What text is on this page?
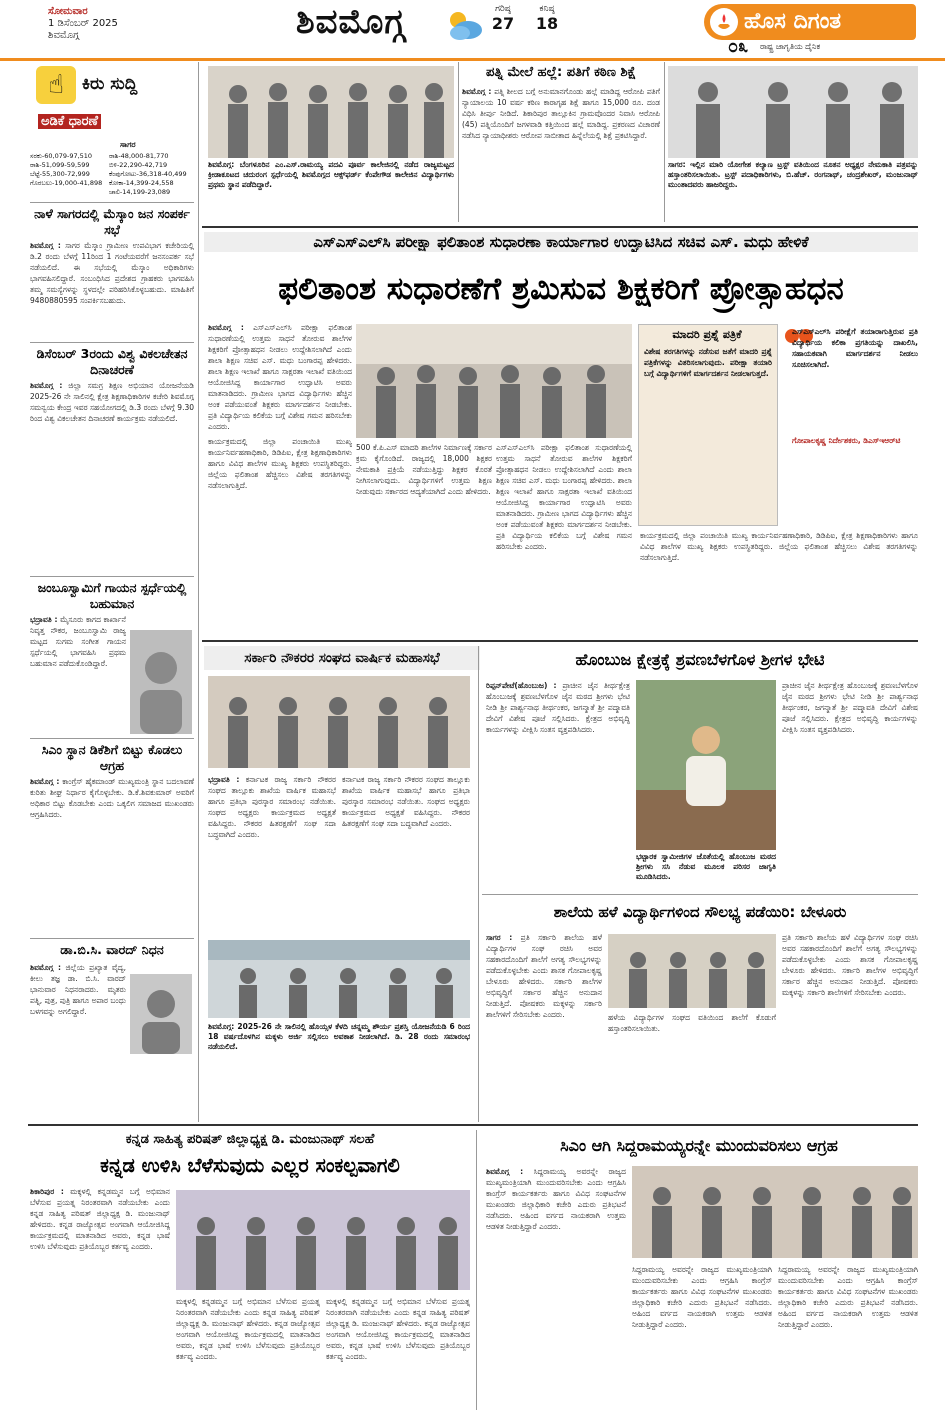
ಸೋಮವಾರ
1 ಡಿಸೆಂಬರ್ 2025
ಶಿವಮೊಗ್ಗ	ಶಿವಮೊಗ್ಗ	ಗರಿಷ್ಠ
27
ಕನಿಷ್ಠ
18	ಹೊಸ ದಿಗಂತ
೦೩ ರಾಷ್ಟ್ರ ಜಾಗೃತಿಯ ದೈನಿಕ
☝	ಕಿರು ಸುದ್ದಿ
ಅಡಿಕೆ ಧಾರಣೆ
ಸಾಗರ
ಸರಕು-60,079-97,510	ರಾಶಿ-48,000-81,770
ರಾಶಿ-51,099-59,599	ಬಿಳಿ-22,290-42,719
ಬೆಟ್ಟೆ-55,300-72,999	ಕೆಂಪುಗೋಟು-36,318-40,499
ಗೊರಬಲು-19,000-41,898	ಕೋಕಾ-14,399-24,558
	ಚಾಲಿ-14,199-23,089
ನಾಳೆ ಸಾಗರದಲ್ಲಿ ಮೆಸ್ಕಾಂ ಜನ ಸಂಪರ್ಕ ಸಭೆ
ಶಿವಮೊಗ್ಗ : ಸಾಗರ ಮೆಸ್ಕಾಂ ಗ್ರಾಮೀಣ ಉಪವಿಭಾಗ ಕಚೇರಿಯಲ್ಲಿ ಡಿ.2 ರಂದು ಬೆಳಗ್ಗೆ 11ರಿಂದ 1 ಗಂಟೆಯವರೆಗೆ ಜನಸಂಪರ್ಕ ಸಭೆ ನಡೆಯಲಿದೆ. ಈ ಸಭೆಯಲ್ಲಿ ಮೆಸ್ಕಾಂ ಅಧಿಕಾರಿಗಳು ಭಾಗವಹಿಸಲಿದ್ದಾರೆ. ಸಂಬಂಧಿಸಿದ ಪ್ರದೇಶದ ಗ್ರಾಹಕರು ಭಾಗವಹಿಸಿ ತಮ್ಮ ಸಮಸ್ಯೆಗಳನ್ನು ಸ್ಥಳದಲ್ಲೇ ಪರಿಹರಿಸಿಕೊಳ್ಳಬಹುದು. ಮಾಹಿತಿಗೆ 9480880595 ಸಂಪರ್ಕಿಸಬಹುದು.
ಡಿಸೆಂಬರ್ 3ರಂದು ವಿಶ್ವ ವಿಕಲಚೇತನ ದಿನಾಚರಣೆ
ಶಿವಮೊಗ್ಗ : ಜಿಲ್ಲಾ ಸಮಗ್ರ ಶಿಕ್ಷಣ ಅಭಿಯಾನ ಯೋಜನೆಯಡಿ 2025-26 ನೇ ಸಾಲಿನಲ್ಲಿ ಕ್ಷೇತ್ರ ಶಿಕ್ಷಣಾಧಿಕಾರಿಗಳ ಕಚೇರಿ ಶಿವಮೊಗ್ಗ ಸಮನ್ವಯ ಕೇಂದ್ರ ಇವರ ಸಹಯೋಗದಲ್ಲಿ ಡಿ.3 ರಂದು ಬೆಳಗ್ಗೆ 9.30 ರಿಂದ ವಿಶ್ವ ವಿಕಲಚೇತನ ದಿನಾಚರಣೆ ಕಾರ್ಯಕ್ರಮ ನಡೆಯಲಿದೆ.
ಜಂಬೂಸ್ವಾಮಿಗೆ ಗಾಯನ ಸ್ಪರ್ಧೆಯಲ್ಲಿ ಬಹುಮಾನ
ಭದ್ರಾವತಿ : ಮೈಸೂರು ಕಾಗದ ಕಾರ್ಖಾನೆ ನಿವೃತ್ತ ನೌಕರ, ಜಂಬೂಸ್ವಾಮಿ ರಾಜ್ಯ ಮಟ್ಟದ ಸುಗಮ ಸಂಗೀತ ಗಾಯನ ಸ್ಪರ್ಧೆಯಲ್ಲಿ ಭಾಗವಹಿಸಿ ಪ್ರಥಮ ಬಹುಮಾನ ಪಡೆದುಕೊಂಡಿದ್ದಾರೆ.
ಸಿಎಂ ಸ್ಥಾನ ಡಿಕೆಶಿಗೆ ಬಿಟ್ಟು ಕೊಡಲು ಆಗ್ರಹ
ಶಿವಮೊಗ್ಗ : ಕಾಂಗ್ರೆಸ್ ಹೈಕಮಾಂಡ್ ಮುಖ್ಯಮಂತ್ರಿ ಸ್ಥಾನ ಬದಲಾವಣೆ ಕುರಿತು ಶೀಘ್ರ ನಿರ್ಧಾರ ಕೈಗೊಳ್ಳಬೇಕು. ಡಿ.ಕೆ.ಶಿವಕುಮಾರ್ ಅವರಿಗೆ ಅಧಿಕಾರ ಬಿಟ್ಟು ಕೊಡಬೇಕು ಎಂದು ಒಕ್ಕಲಿಗ ಸಮಾಜದ ಮುಖಂಡರು ಆಗ್ರಹಿಸಿದರು.
ಡಾ.ಬಿ.ಸಿ. ವಾರದ್ ನಿಧನ
ಶಿವಮೊಗ್ಗ : ಜಿಲ್ಲೆಯ ಪ್ರಖ್ಯಾತ ವೈದ್ಯ, ಕೀಲು ತಜ್ಞ ಡಾ. ಬಿ.ಸಿ. ವಾರದ್ ಭಾನುವಾರ ನಿಧನರಾದರು. ಮೃತರು ಪತ್ನಿ, ಪುತ್ರ, ಪುತ್ರಿ ಹಾಗೂ ಅಪಾರ ಬಂಧು ಬಳಗವನ್ನು ಅಗಲಿದ್ದಾರೆ.
ಶಿವಮೊಗ್ಗ: ಬೆಂಗಳೂರಿನ ಎಂ.ಎಸ್.ರಾಮಯ್ಯ ಪದವಿ ಪೂರ್ವ ಕಾಲೇಜಿನಲ್ಲಿ ನಡೆದ ರಾಜ್ಯಮಟ್ಟದ ಕ್ರೀಡಾಕೂಟದ ಚದುರಂಗ ಸ್ಪರ್ಧೆಯಲ್ಲಿ ಶಿವಮೊಗ್ಗದ ಆಕ್ಸ್‌ಫರ್ಡ್ ಕೆಂಪೇಗೌಡ ಕಾಲೇಜಿನ ವಿದ್ಯಾರ್ಥಿಗಳು ಪ್ರಥಮ ಸ್ಥಾನ ಪಡೆದಿದ್ದಾರೆ.
ಪತ್ನಿ ಮೇಲೆ ಹಲ್ಲೆ: ಪತಿಗೆ ಕಠಿಣ ಶಿಕ್ಷೆ
ಶಿವಮೊಗ್ಗ : ಪತ್ನಿ ಶೀಲದ ಬಗ್ಗೆ ಅನುಮಾನಗೊಂಡು ಹಲ್ಲೆ ಮಾಡಿದ್ದ ಆರೋಪಿ ಪತಿಗೆ ನ್ಯಾಯಾಲಯ 10 ವರ್ಷ ಕಠಿಣ ಕಾರಾಗೃಹ ಶಿಕ್ಷೆ ಹಾಗೂ 15,000 ರೂ. ದಂಡ ವಿಧಿಸಿ ತೀರ್ಪು ನೀಡಿದೆ. ಶಿಕಾರಿಪುರ ತಾಲ್ಲೂಕಿನ ಗ್ರಾಮವೊಂದರ ನಿವಾಸಿ ಆರೋಪಿ (45) ಪತ್ನಿಯೊಂದಿಗೆ ಜಗಳವಾಡಿ ಕತ್ತಿಯಿಂದ ಹಲ್ಲೆ ಮಾಡಿದ್ದ. ಪ್ರಕರಣದ ವಿಚಾರಣೆ ನಡೆಸಿದ ನ್ಯಾಯಾಧೀಶರು ಆರೋಪ ಸಾಬೀತಾದ ಹಿನ್ನೆಲೆಯಲ್ಲಿ ಶಿಕ್ಷೆ ಪ್ರಕಟಿಸಿದ್ದಾರೆ.
ಸಾಗರ: ಇಲ್ಲಿನ ಮಾರಿ ಯೋಗೇಶ ಕಲ್ಯಾಣ ಟ್ರಸ್ಟ್ ವತಿಯಿಂದ ನೂತನ ಅಧ್ಯಕ್ಷರ ನೇಮಕಾತಿ ಪತ್ರವನ್ನು ಹಸ್ತಾಂತರಿಸಲಾಯಿತು. ಟ್ರಸ್ಟ್ ಪದಾಧಿಕಾರಿಗಳು, ಬಿ.ಹೆಚ್. ರಂಗನಾಥ್, ಚಂದ್ರಶೇಖರ್, ಮಂಜುನಾಥ್ ಮುಂತಾದವರು ಹಾಜರಿದ್ದರು.
ಎಸ್‌ಎಸ್‌ಎಲ್‌ಸಿ ಪರೀಕ್ಷಾ ಫಲಿತಾಂಶ ಸುಧಾರಣಾ ಕಾರ್ಯಾಗಾರ ಉದ್ಘಾಟಿಸಿದ ಸಚಿವ ಎಸ್. ಮಧು ಹೇಳಿಕೆ
ಫಲಿತಾಂಶ ಸುಧಾರಣೆಗೆ ಶ್ರಮಿಸುವ ಶಿಕ್ಷಕರಿಗೆ ಪ್ರೋತ್ಸಾಹಧನ
ಶಿವಮೊಗ್ಗ : ಎಸ್‌ಎಸ್‌ಎಲ್‌ಸಿ ಪರೀಕ್ಷಾ ಫಲಿತಾಂಶ ಸುಧಾರಣೆಯಲ್ಲಿ ಉತ್ತಮ ಸಾಧನೆ ತೋರುವ ಶಾಲೆಗಳ ಶಿಕ್ಷಕರಿಗೆ ಪ್ರೋತ್ಸಾಹಧನ ನೀಡಲು ಉದ್ದೇಶಿಸಲಾಗಿದೆ ಎಂದು ಶಾಲಾ ಶಿಕ್ಷಣ ಸಚಿವ ಎಸ್. ಮಧು ಬಂಗಾರಪ್ಪ ಹೇಳಿದರು. ಶಾಲಾ ಶಿಕ್ಷಣ ಇಲಾಖೆ ಹಾಗೂ ಸಾಕ್ಷರತಾ ಇಲಾಖೆ ವತಿಯಿಂದ ಆಯೋಜಿಸಿದ್ದ ಕಾರ್ಯಾಗಾರ ಉದ್ಘಾಟಿಸಿ ಅವರು ಮಾತನಾಡಿದರು. ಗ್ರಾಮೀಣ ಭಾಗದ ವಿದ್ಯಾರ್ಥಿಗಳು ಹೆಚ್ಚಿನ ಅಂಕ ಪಡೆಯುವಂತೆ ಶಿಕ್ಷಕರು ಮಾರ್ಗದರ್ಶನ ನೀಡಬೇಕು. ಪ್ರತಿ ವಿದ್ಯಾರ್ಥಿಯ ಕಲಿಕೆಯ ಬಗ್ಗೆ ವಿಶೇಷ ಗಮನ ಹರಿಸಬೇಕು ಎಂದರು.
ಕಾರ್ಯಕ್ರಮದಲ್ಲಿ ಜಿಲ್ಲಾ ಪಂಚಾಯಿತಿ ಮುಖ್ಯ ಕಾರ್ಯನಿರ್ವಹಣಾಧಿಕಾರಿ, ಡಿಡಿಪಿಐ, ಕ್ಷೇತ್ರ ಶಿಕ್ಷಣಾಧಿಕಾರಿಗಳು ಹಾಗೂ ವಿವಿಧ ಶಾಲೆಗಳ ಮುಖ್ಯ ಶಿಕ್ಷಕರು ಉಪಸ್ಥಿತರಿದ್ದರು. ಜಿಲ್ಲೆಯ ಫಲಿತಾಂಶ ಹೆಚ್ಚಿಸಲು ವಿಶೇಷ ತರಗತಿಗಳನ್ನು ನಡೆಸಲಾಗುತ್ತಿದೆ.
500 ಕೆ.ಪಿ.ಎಸ್ ಮಾದರಿ ಶಾಲೆಗಳ ನಿರ್ಮಾಣಕ್ಕೆ ಸರ್ಕಾರ ಕ್ರಮ ಕೈಗೊಂಡಿದೆ. ರಾಜ್ಯದಲ್ಲಿ 18,000 ಶಿಕ್ಷಕರ ನೇಮಕಾತಿ ಪ್ರಕ್ರಿಯೆ ನಡೆಯುತ್ತಿದ್ದು ಶಿಕ್ಷಕರ ಕೊರತೆ ನೀಗಿಸಲಾಗುವುದು. ವಿದ್ಯಾರ್ಥಿಗಳಿಗೆ ಉತ್ತಮ ಶಿಕ್ಷಣ ನೀಡುವುದು ಸರ್ಕಾರದ ಆದ್ಯತೆಯಾಗಿದೆ ಎಂದು ಹೇಳಿದರು.
ಎಸ್‌ಎಸ್‌ಎಲ್‌ಸಿ ಪರೀಕ್ಷಾ ಫಲಿತಾಂಶ ಸುಧಾರಣೆಯಲ್ಲಿ ಉತ್ತಮ ಸಾಧನೆ ತೋರುವ ಶಾಲೆಗಳ ಶಿಕ್ಷಕರಿಗೆ ಪ್ರೋತ್ಸಾಹಧನ ನೀಡಲು ಉದ್ದೇಶಿಸಲಾಗಿದೆ ಎಂದು ಶಾಲಾ ಶಿಕ್ಷಣ ಸಚಿವ ಎಸ್. ಮಧು ಬಂಗಾರಪ್ಪ ಹೇಳಿದರು. ಶಾಲಾ ಶಿಕ್ಷಣ ಇಲಾಖೆ ಹಾಗೂ ಸಾಕ್ಷರತಾ ಇಲಾಖೆ ವತಿಯಿಂದ ಆಯೋಜಿಸಿದ್ದ ಕಾರ್ಯಾಗಾರ ಉದ್ಘಾಟಿಸಿ ಅವರು ಮಾತನಾಡಿದರು. ಗ್ರಾಮೀಣ ಭಾಗದ ವಿದ್ಯಾರ್ಥಿಗಳು ಹೆಚ್ಚಿನ ಅಂಕ ಪಡೆಯುವಂತೆ ಶಿಕ್ಷಕರು ಮಾರ್ಗದರ್ಶನ ನೀಡಬೇಕು. ಪ್ರತಿ ವಿದ್ಯಾರ್ಥಿಯ ಕಲಿಕೆಯ ಬಗ್ಗೆ ವಿಶೇಷ ಗಮನ ಹರಿಸಬೇಕು ಎಂದರು.
ಮಾದರಿ ಪ್ರಶ್ನೆ ಪತ್ರಿಕೆ
ವಿಶೇಷ ತರಗತಿಗಳನ್ನು ನಡೆಸುವ ಜತೆಗೆ ಮಾದರಿ ಪ್ರಶ್ನೆ ಪತ್ರಿಕೆಗಳನ್ನು ವಿತರಿಸಲಾಗುವುದು. ಪರೀಕ್ಷಾ ತಯಾರಿ ಬಗ್ಗೆ ವಿದ್ಯಾರ್ಥಿಗಳಿಗೆ ಮಾರ್ಗದರ್ಶನ ನೀಡಲಾಗುತ್ತದೆ.
ಎಸ್‌ಎಸ್‌ಎಲ್‌ಸಿ ಪರೀಕ್ಷೆಗೆ ತಯಾರಾಗುತ್ತಿರುವ ಪ್ರತಿ ವಿದ್ಯಾರ್ಥಿಯ ಕಲಿಕಾ ಪ್ರಗತಿಯನ್ನು ದಾಖಲಿಸಿ, ಸಹಾಯಕವಾಗಿ ಮಾರ್ಗದರ್ಶನ ನೀಡಲು ಸೂಚಿಸಲಾಗಿದೆ.
ಗೋಪಾಲಕೃಷ್ಣ ನಿರ್ದೇಶಕರು, ಡಿಎಸ್‌ಇಆರ್‌ಟಿ
ಕಾರ್ಯಕ್ರಮದಲ್ಲಿ ಜಿಲ್ಲಾ ಪಂಚಾಯಿತಿ ಮುಖ್ಯ ಕಾರ್ಯನಿರ್ವಹಣಾಧಿಕಾರಿ, ಡಿಡಿಪಿಐ, ಕ್ಷೇತ್ರ ಶಿಕ್ಷಣಾಧಿಕಾರಿಗಳು ಹಾಗೂ ವಿವಿಧ ಶಾಲೆಗಳ ಮುಖ್ಯ ಶಿಕ್ಷಕರು ಉಪಸ್ಥಿತರಿದ್ದರು. ಜಿಲ್ಲೆಯ ಫಲಿತಾಂಶ ಹೆಚ್ಚಿಸಲು ವಿಶೇಷ ತರಗತಿಗಳನ್ನು ನಡೆಸಲಾಗುತ್ತಿದೆ.
ಸರ್ಕಾರಿ ನೌಕರರ ಸಂಘದ ವಾರ್ಷಿಕ ಮಹಾಸಭೆ
ಭದ್ರಾವತಿ : ಕರ್ನಾಟಕ ರಾಜ್ಯ ಸರ್ಕಾರಿ ನೌಕರರ ಸಂಘದ ತಾಲ್ಲೂಕು ಶಾಖೆಯ ವಾರ್ಷಿಕ ಮಹಾಸಭೆ ಹಾಗೂ ಪ್ರತಿಭಾ ಪುರಸ್ಕಾರ ಸಮಾರಂಭ ನಡೆಯಿತು. ಸಂಘದ ಅಧ್ಯಕ್ಷರು ಕಾರ್ಯಕ್ರಮದ ಅಧ್ಯಕ್ಷತೆ ವಹಿಸಿದ್ದರು. ನೌಕರರ ಹಿತರಕ್ಷಣೆಗೆ ಸಂಘ ಸದಾ ಬದ್ಧವಾಗಿದೆ ಎಂದರು.
ಕರ್ನಾಟಕ ರಾಜ್ಯ ಸರ್ಕಾರಿ ನೌಕರರ ಸಂಘದ ತಾಲ್ಲೂಕು ಶಾಖೆಯ ವಾರ್ಷಿಕ ಮಹಾಸಭೆ ಹಾಗೂ ಪ್ರತಿಭಾ ಪುರಸ್ಕಾರ ಸಮಾರಂಭ ನಡೆಯಿತು. ಸಂಘದ ಅಧ್ಯಕ್ಷರು ಕಾರ್ಯಕ್ರಮದ ಅಧ್ಯಕ್ಷತೆ ವಹಿಸಿದ್ದರು. ನೌಕರರ ಹಿತರಕ್ಷಣೆಗೆ ಸಂಘ ಸದಾ ಬದ್ಧವಾಗಿದೆ ಎಂದರು.
ಶಿವಮೊಗ್ಗ: 2025-26 ನೇ ಸಾಲಿನಲ್ಲಿ ಹೊಯ್ಸಳ ಕೆಳದಿ ಚನ್ನಮ್ಮ ಶೌರ್ಯ ಪ್ರಶಸ್ತಿ ಯೋಜನೆಯಡಿ 6 ರಿಂದ 18 ವರ್ಷದೊಳಗಿನ ಮಕ್ಕಳು ಅರ್ಜಿ ಸಲ್ಲಿಸಲು ಅವಕಾಶ ನೀಡಲಾಗಿದೆ. ಡಿ. 28 ರಂದು ಸಮಾರಂಭ ನಡೆಯಲಿದೆ.
ಹೊಂಬುಜ ಕ್ಷೇತ್ರಕ್ಕೆ ಶ್ರವಣಬೆಳಗೊಳ ಶ್ರೀಗಳ ಭೇಟಿ
ರಿಪ್ಪನ್‌ಪೇಟೆ(ಹೊಂಬುಜ) : ಪ್ರಾಚೀನ ಜೈನ ತೀರ್ಥಕ್ಷೇತ್ರ ಹೊಂಬುಜಕ್ಕೆ ಶ್ರವಣಬೆಳಗೊಳ ಜೈನ ಮಠದ ಶ್ರೀಗಳು ಭೇಟಿ ನೀಡಿ ಶ್ರೀ ಪಾರ್ಶ್ವನಾಥ ತೀರ್ಥಂಕರ, ಜಗನ್ಮಾತೆ ಶ್ರೀ ಪದ್ಮಾವತಿ ದೇವಿಗೆ ವಿಶೇಷ ಪೂಜೆ ಸಲ್ಲಿಸಿದರು. ಕ್ಷೇತ್ರದ ಅಭಿವೃದ್ಧಿ ಕಾರ್ಯಗಳನ್ನು ವೀಕ್ಷಿಸಿ ಸಂತಸ ವ್ಯಕ್ತಪಡಿಸಿದರು.
ಭಟ್ಟಾರಕ ಸ್ವಾಮೀಜಿಗಳ ಜೊತೆಯಲ್ಲಿ ಹೊಂಬುಜ ಮಠದ ಶ್ರೀಗಳು ಸಸಿ ನೆಡುವ ಮೂಲಕ ಪರಿಸರ ಜಾಗೃತಿ ಮೂಡಿಸಿದರು.
ಪ್ರಾಚೀನ ಜೈನ ತೀರ್ಥಕ್ಷೇತ್ರ ಹೊಂಬುಜಕ್ಕೆ ಶ್ರವಣಬೆಳಗೊಳ ಜೈನ ಮಠದ ಶ್ರೀಗಳು ಭೇಟಿ ನೀಡಿ ಶ್ರೀ ಪಾರ್ಶ್ವನಾಥ ತೀರ್ಥಂಕರ, ಜಗನ್ಮಾತೆ ಶ್ರೀ ಪದ್ಮಾವತಿ ದೇವಿಗೆ ವಿಶೇಷ ಪೂಜೆ ಸಲ್ಲಿಸಿದರು. ಕ್ಷೇತ್ರದ ಅಭಿವೃದ್ಧಿ ಕಾರ್ಯಗಳನ್ನು ವೀಕ್ಷಿಸಿ ಸಂತಸ ವ್ಯಕ್ತಪಡಿಸಿದರು.
ಶಾಲೆಯ ಹಳೆ ವಿದ್ಯಾರ್ಥಿಗಳಿಂದ ಸೌಲಭ್ಯ ಪಡೆಯಿರಿ: ಬೇಳೂರು
ಸಾಗರ : ಪ್ರತಿ ಸರ್ಕಾರಿ ಶಾಲೆಯ ಹಳೆ ವಿದ್ಯಾರ್ಥಿಗಳ ಸಂಘ ರಚಿಸಿ ಅವರ ಸಹಕಾರದೊಂದಿಗೆ ಶಾಲೆಗೆ ಅಗತ್ಯ ಸೌಲಭ್ಯಗಳನ್ನು ಪಡೆದುಕೊಳ್ಳಬೇಕು ಎಂದು ಶಾಸಕ ಗೋಪಾಲಕೃಷ್ಣ ಬೇಳೂರು ಹೇಳಿದರು. ಸರ್ಕಾರಿ ಶಾಲೆಗಳ ಅಭಿವೃದ್ಧಿಗೆ ಸರ್ಕಾರ ಹೆಚ್ಚಿನ ಅನುದಾನ ನೀಡುತ್ತಿದೆ. ಪೋಷಕರು ಮಕ್ಕಳನ್ನು ಸರ್ಕಾರಿ ಶಾಲೆಗಳಿಗೆ ಸೇರಿಸಬೇಕು ಎಂದರು.	ಹಳೆಯ ವಿದ್ಯಾರ್ಥಿಗಳ ಸಂಘದ ವತಿಯಿಂದ ಶಾಲೆಗೆ ಕೊಡುಗೆ ಹಸ್ತಾಂತರಿಸಲಾಯಿತು.
ಪ್ರತಿ ಸರ್ಕಾರಿ ಶಾಲೆಯ ಹಳೆ ವಿದ್ಯಾರ್ಥಿಗಳ ಸಂಘ ರಚಿಸಿ ಅವರ ಸಹಕಾರದೊಂದಿಗೆ ಶಾಲೆಗೆ ಅಗತ್ಯ ಸೌಲಭ್ಯಗಳನ್ನು ಪಡೆದುಕೊಳ್ಳಬೇಕು ಎಂದು ಶಾಸಕ ಗೋಪಾಲಕೃಷ್ಣ ಬೇಳೂರು ಹೇಳಿದರು. ಸರ್ಕಾರಿ ಶಾಲೆಗಳ ಅಭಿವೃದ್ಧಿಗೆ ಸರ್ಕಾರ ಹೆಚ್ಚಿನ ಅನುದಾನ ನೀಡುತ್ತಿದೆ. ಪೋಷಕರು ಮಕ್ಕಳನ್ನು ಸರ್ಕಾರಿ ಶಾಲೆಗಳಿಗೆ ಸೇರಿಸಬೇಕು ಎಂದರು.
ಕನ್ನಡ ಸಾಹಿತ್ಯ ಪರಿಷತ್ ಜಿಲ್ಲಾಧ್ಯಕ್ಷ ಡಿ. ಮಂಜುನಾಥ್ ಸಲಹೆ
ಕನ್ನಡ ಉಳಿಸಿ ಬೆಳೆಸುವುದು ಎಲ್ಲರ ಸಂಕಲ್ಪವಾಗಲಿ
ಶಿಕಾರಿಪುರ : ಮಕ್ಕಳಲ್ಲಿ ಕನ್ನಡಮ್ಮನ ಬಗ್ಗೆ ಅಭಿಮಾನ ಬೆಳೆಸುವ ಪ್ರಯತ್ನ ನಿರಂತರವಾಗಿ ನಡೆಯಬೇಕು ಎಂದು ಕನ್ನಡ ಸಾಹಿತ್ಯ ಪರಿಷತ್ ಜಿಲ್ಲಾಧ್ಯಕ್ಷ ಡಿ. ಮಂಜುನಾಥ್ ಹೇಳಿದರು. ಕನ್ನಡ ರಾಜ್ಯೋತ್ಸವ ಅಂಗವಾಗಿ ಆಯೋಜಿಸಿದ್ದ ಕಾರ್ಯಕ್ರಮದಲ್ಲಿ ಮಾತನಾಡಿದ ಅವರು, ಕನ್ನಡ ಭಾಷೆ ಉಳಿಸಿ ಬೆಳೆಸುವುದು ಪ್ರತಿಯೊಬ್ಬರ ಕರ್ತವ್ಯ ಎಂದರು.
ಮಕ್ಕಳಲ್ಲಿ ಕನ್ನಡಮ್ಮನ ಬಗ್ಗೆ ಅಭಿಮಾನ ಬೆಳೆಸುವ ಪ್ರಯತ್ನ ನಿರಂತರವಾಗಿ ನಡೆಯಬೇಕು ಎಂದು ಕನ್ನಡ ಸಾಹಿತ್ಯ ಪರಿಷತ್ ಜಿಲ್ಲಾಧ್ಯಕ್ಷ ಡಿ. ಮಂಜುನಾಥ್ ಹೇಳಿದರು. ಕನ್ನಡ ರಾಜ್ಯೋತ್ಸವ ಅಂಗವಾಗಿ ಆಯೋಜಿಸಿದ್ದ ಕಾರ್ಯಕ್ರಮದಲ್ಲಿ ಮಾತನಾಡಿದ ಅವರು, ಕನ್ನಡ ಭಾಷೆ ಉಳಿಸಿ ಬೆಳೆಸುವುದು ಪ್ರತಿಯೊಬ್ಬರ ಕರ್ತವ್ಯ ಎಂದರು.
ಮಕ್ಕಳಲ್ಲಿ ಕನ್ನಡಮ್ಮನ ಬಗ್ಗೆ ಅಭಿಮಾನ ಬೆಳೆಸುವ ಪ್ರಯತ್ನ ನಿರಂತರವಾಗಿ ನಡೆಯಬೇಕು ಎಂದು ಕನ್ನಡ ಸಾಹಿತ್ಯ ಪರಿಷತ್ ಜಿಲ್ಲಾಧ್ಯಕ್ಷ ಡಿ. ಮಂಜುನಾಥ್ ಹೇಳಿದರು. ಕನ್ನಡ ರಾಜ್ಯೋತ್ಸವ ಅಂಗವಾಗಿ ಆಯೋಜಿಸಿದ್ದ ಕಾರ್ಯಕ್ರಮದಲ್ಲಿ ಮಾತನಾಡಿದ ಅವರು, ಕನ್ನಡ ಭಾಷೆ ಉಳಿಸಿ ಬೆಳೆಸುವುದು ಪ್ರತಿಯೊಬ್ಬರ ಕರ್ತವ್ಯ ಎಂದರು.
ಸಿಎಂ ಆಗಿ ಸಿದ್ದರಾಮಯ್ಯರನ್ನೇ ಮುಂದುವರಿಸಲು ಆಗ್ರಹ
ಶಿವಮೊಗ್ಗ : ಸಿದ್ದರಾಮಯ್ಯ ಅವರನ್ನೇ ರಾಜ್ಯದ ಮುಖ್ಯಮಂತ್ರಿಯಾಗಿ ಮುಂದುವರಿಸಬೇಕು ಎಂದು ಆಗ್ರಹಿಸಿ ಕಾಂಗ್ರೆಸ್ ಕಾರ್ಯಕರ್ತರು ಹಾಗೂ ವಿವಿಧ ಸಂಘಟನೆಗಳ ಮುಖಂಡರು ಜಿಲ್ಲಾಧಿಕಾರಿ ಕಚೇರಿ ಎದುರು ಪ್ರತಿಭಟನೆ ನಡೆಸಿದರು. ಅಹಿಂದ ವರ್ಗದ ನಾಯಕರಾಗಿ ಉತ್ತಮ ಆಡಳಿತ ನೀಡುತ್ತಿದ್ದಾರೆ ಎಂದರು.
ಸಿದ್ದರಾಮಯ್ಯ ಅವರನ್ನೇ ರಾಜ್ಯದ ಮುಖ್ಯಮಂತ್ರಿಯಾಗಿ ಮುಂದುವರಿಸಬೇಕು ಎಂದು ಆಗ್ರಹಿಸಿ ಕಾಂಗ್ರೆಸ್ ಕಾರ್ಯಕರ್ತರು ಹಾಗೂ ವಿವಿಧ ಸಂಘಟನೆಗಳ ಮುಖಂಡರು ಜಿಲ್ಲಾಧಿಕಾರಿ ಕಚೇರಿ ಎದುರು ಪ್ರತಿಭಟನೆ ನಡೆಸಿದರು. ಅಹಿಂದ ವರ್ಗದ ನಾಯಕರಾಗಿ ಉತ್ತಮ ಆಡಳಿತ ನೀಡುತ್ತಿದ್ದಾರೆ ಎಂದರು.
ಸಿದ್ದರಾಮಯ್ಯ ಅವರನ್ನೇ ರಾಜ್ಯದ ಮುಖ್ಯಮಂತ್ರಿಯಾಗಿ ಮುಂದುವರಿಸಬೇಕು ಎಂದು ಆಗ್ರಹಿಸಿ ಕಾಂಗ್ರೆಸ್ ಕಾರ್ಯಕರ್ತರು ಹಾಗೂ ವಿವಿಧ ಸಂಘಟನೆಗಳ ಮುಖಂಡರು ಜಿಲ್ಲಾಧಿಕಾರಿ ಕಚೇರಿ ಎದುರು ಪ್ರತಿಭಟನೆ ನಡೆಸಿದರು. ಅಹಿಂದ ವರ್ಗದ ನಾಯಕರಾಗಿ ಉತ್ತಮ ಆಡಳಿತ ನೀಡುತ್ತಿದ್ದಾರೆ ಎಂದರು.
